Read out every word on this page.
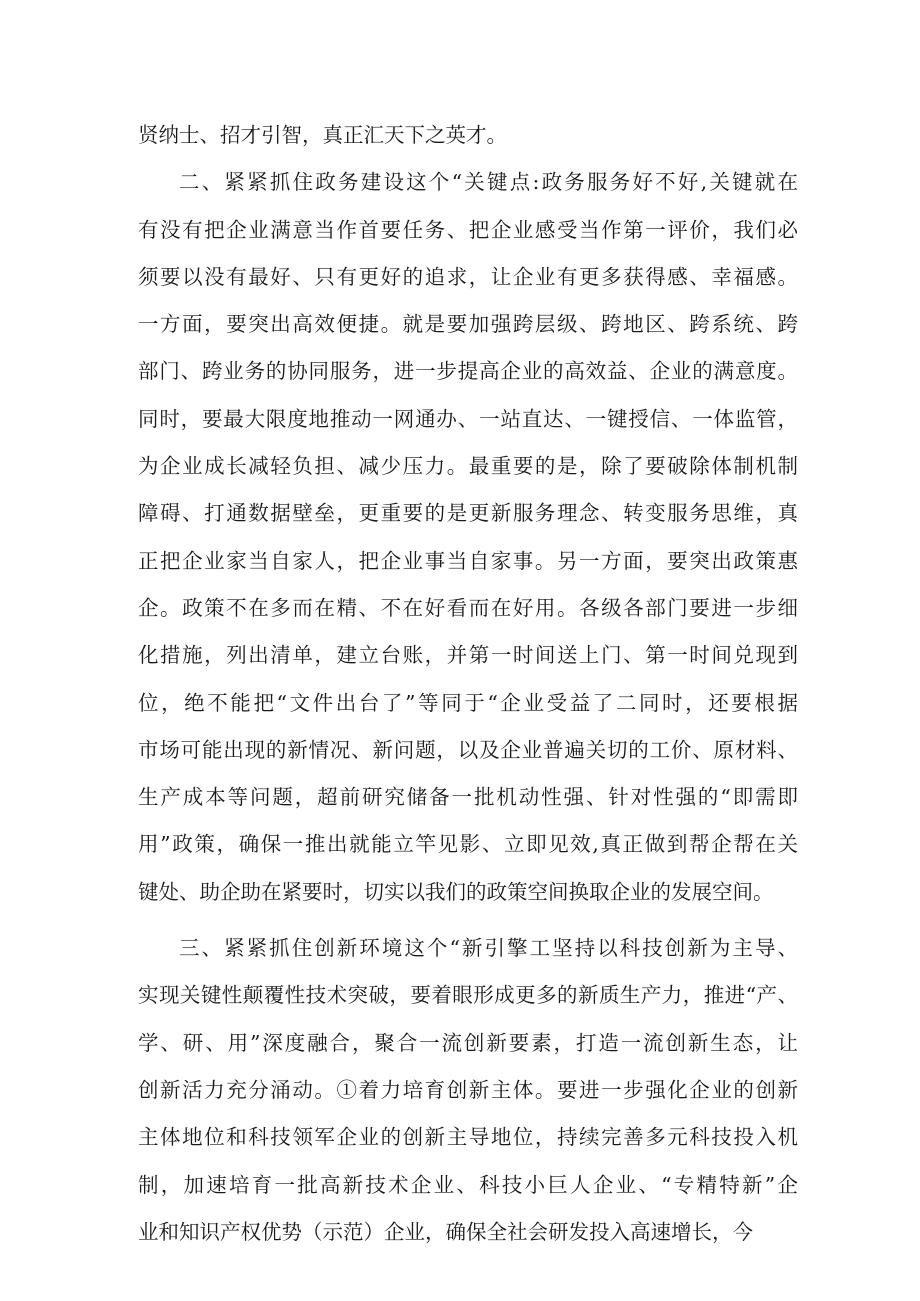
贤纳士、招才引智，真正汇天下之英才。
二、紧紧抓住政务建设这个“关键点:政务服务好不好,关键就在
有没有把企业满意当作首要任务、把企业感受当作第一评价，我们必
须要以没有最好、只有更好的追求，让企业有更多获得感、幸福感。
一方面，要突出高效便捷。就是要加强跨层级、跨地区、跨系统、跨
部门、跨业务的协同服务，进一步提高企业的高效益、企业的满意度。
同时，要最大限度地推动一网通办、一站直达、一键授信、一体监管，
为企业成长减轻负担、减少压力。最重要的是，除了要破除体制机制
障碍、打通数据壁垒，更重要的是更新服务理念、转变服务思维，真
正把企业家当自家人，把企业事当自家事。另一方面，要突出政策惠
企。政策不在多而在精、不在好看而在好用。各级各部门要进一步细
化措施，列出清单，建立台账，并第一时间送上门、第一时间兑现到
位，绝不能把“文件出台了”等同于“企业受益了二同时，还要根据
市场可能出现的新情况、新问题，以及企业普遍关切的工价、原材料、
生产成本等问题，超前研究储备一批机动性强、针对性强的“即需即
用”政策，确保一推出就能立竿见影、立即见效,真正做到帮企帮在关
键处、助企助在紧要时，切实以我们的政策空间换取企业的发展空间。
三、紧紧抓住创新环境这个“新引擎工坚持以科技创新为主导、
实现关键性颠覆性技术突破，要着眼形成更多的新质生产力，推进“产、
学、研、用”深度融合，聚合一流创新要素，打造一流创新生态，让
创新活力充分涌动。①着力培育创新主体。要进一步强化企业的创新
主体地位和科技领军企业的创新主导地位，持续完善多元科技投入机
制，加速培育一批高新技术企业、科技小巨人企业、“专精特新”企
业和知识产权优势（示范）企业，确保全社会研发投入高速增长，今
